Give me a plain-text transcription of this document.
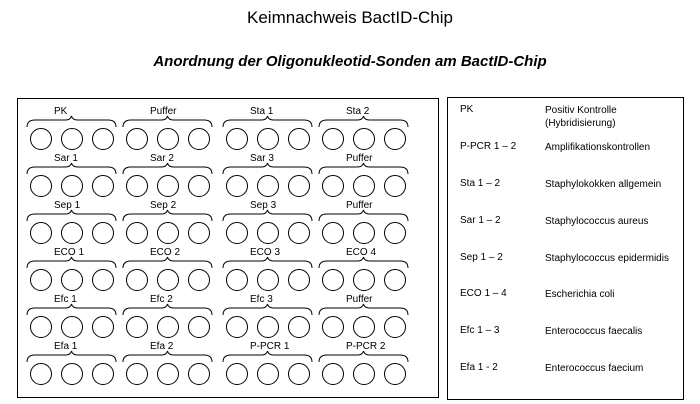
Keimnachweis BactID-Chip
Anordnung der Oligonukleotid-Sonden am BactID-Chip
PK	Puffer	Sta 1	Sta 2
Sar 1	Sar 2	Sar 3	Puffer
Sep 1	Sep 2	Sep 3	Puffer
ECO 1	ECO 2	ECO 3	ECO 4
Efc 1	Efc 2	Efc 3	Puffer
Efa 1	Efa 2	P-PCR 1	P-PCR 2
PK	Positiv Kontrolle (Hybridisierung)
P-PCR 1 – 2	Amplifikationskontrollen
Sta 1 – 2	Staphylokokken allgemein
Sar 1 – 2	Staphylococcus aureus
Sep 1 – 2	Staphylococcus epidermidis
ECO 1 – 4	Escherichia coli
Efc 1 – 3	Enterococcus faecalis
Efa 1 - 2	Enterococcus faecium
